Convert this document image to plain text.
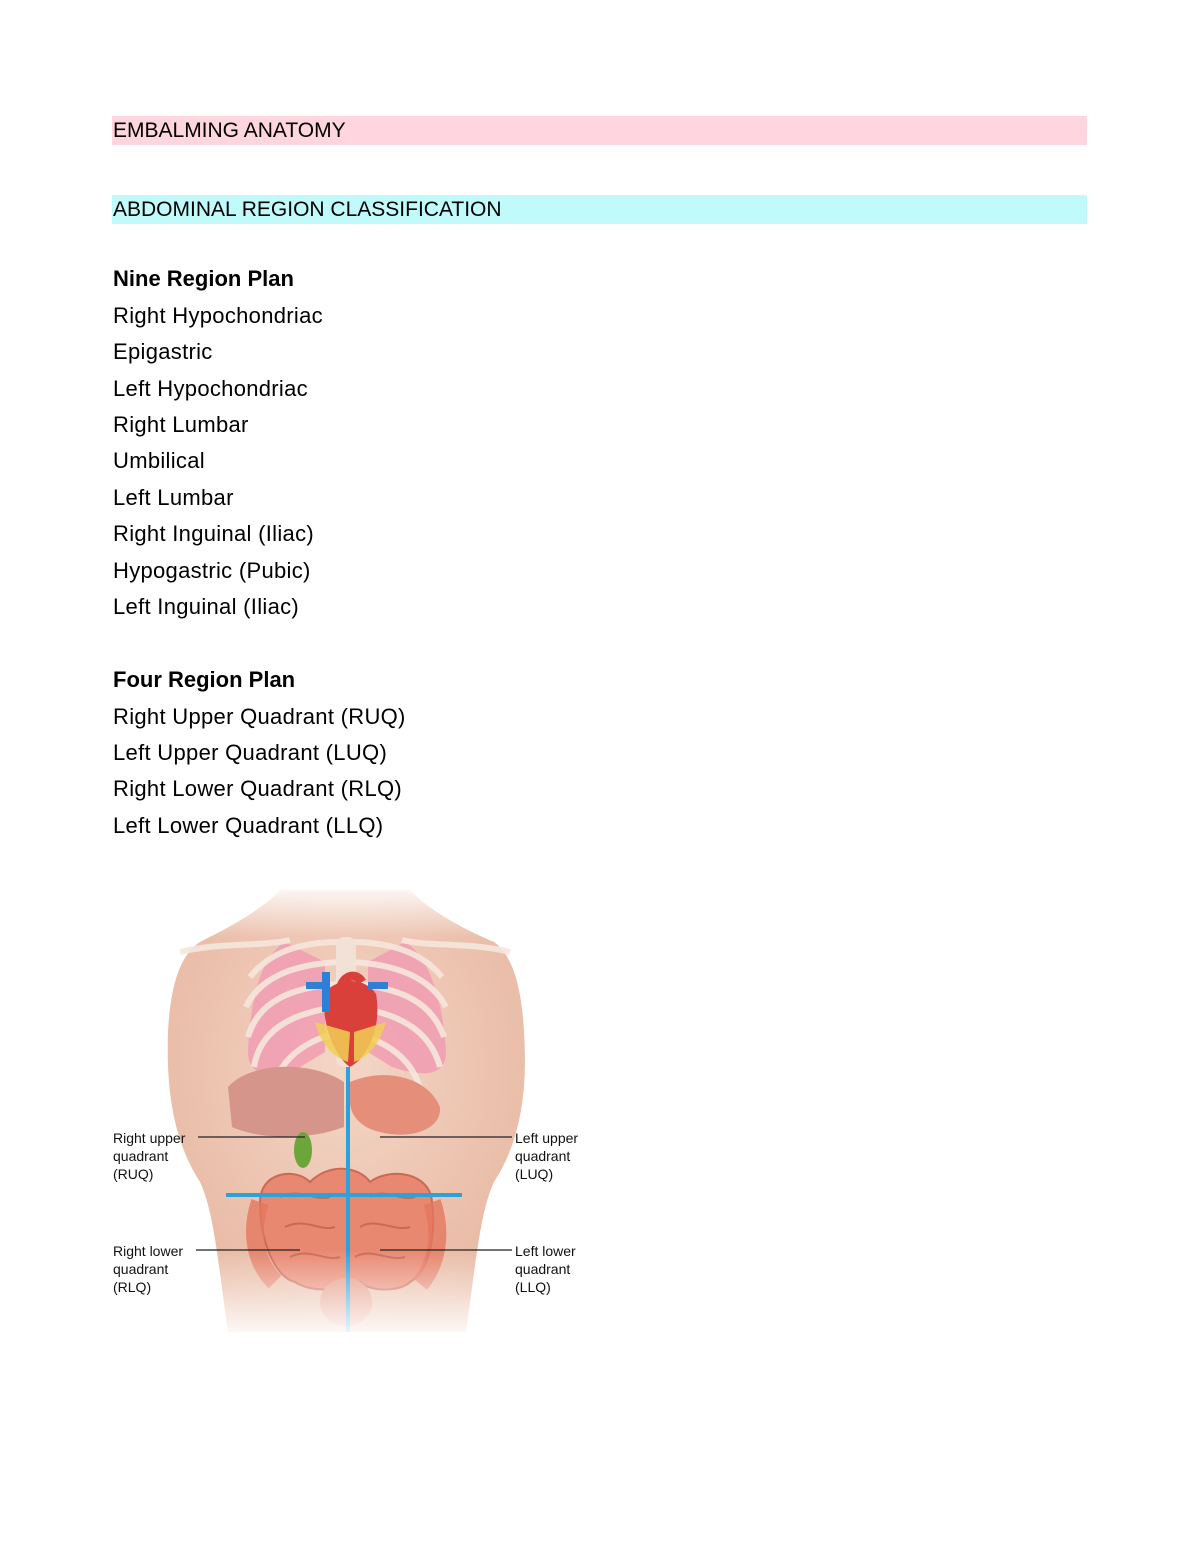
EMBALMING ANATOMY
ABDOMINAL REGION CLASSIFICATION
Nine Region Plan
Right Hypochondriac
Epigastric
Left Hypochondriac
Right Lumbar
Umbilical
Left Lumbar
Right Inguinal (Iliac)
Hypogastric (Pubic)
Left Inguinal (Iliac)
Four Region Plan
Right Upper Quadrant (RUQ)
Left Upper Quadrant (LUQ)
Right Lower Quadrant (RLQ)
Left Lower Quadrant (LLQ)
Right upper
quadrant
(RUQ)
Left upper
quadrant
(LUQ)
Right lower
quadrant
(RLQ)
Left lower
quadrant
(LLQ)
